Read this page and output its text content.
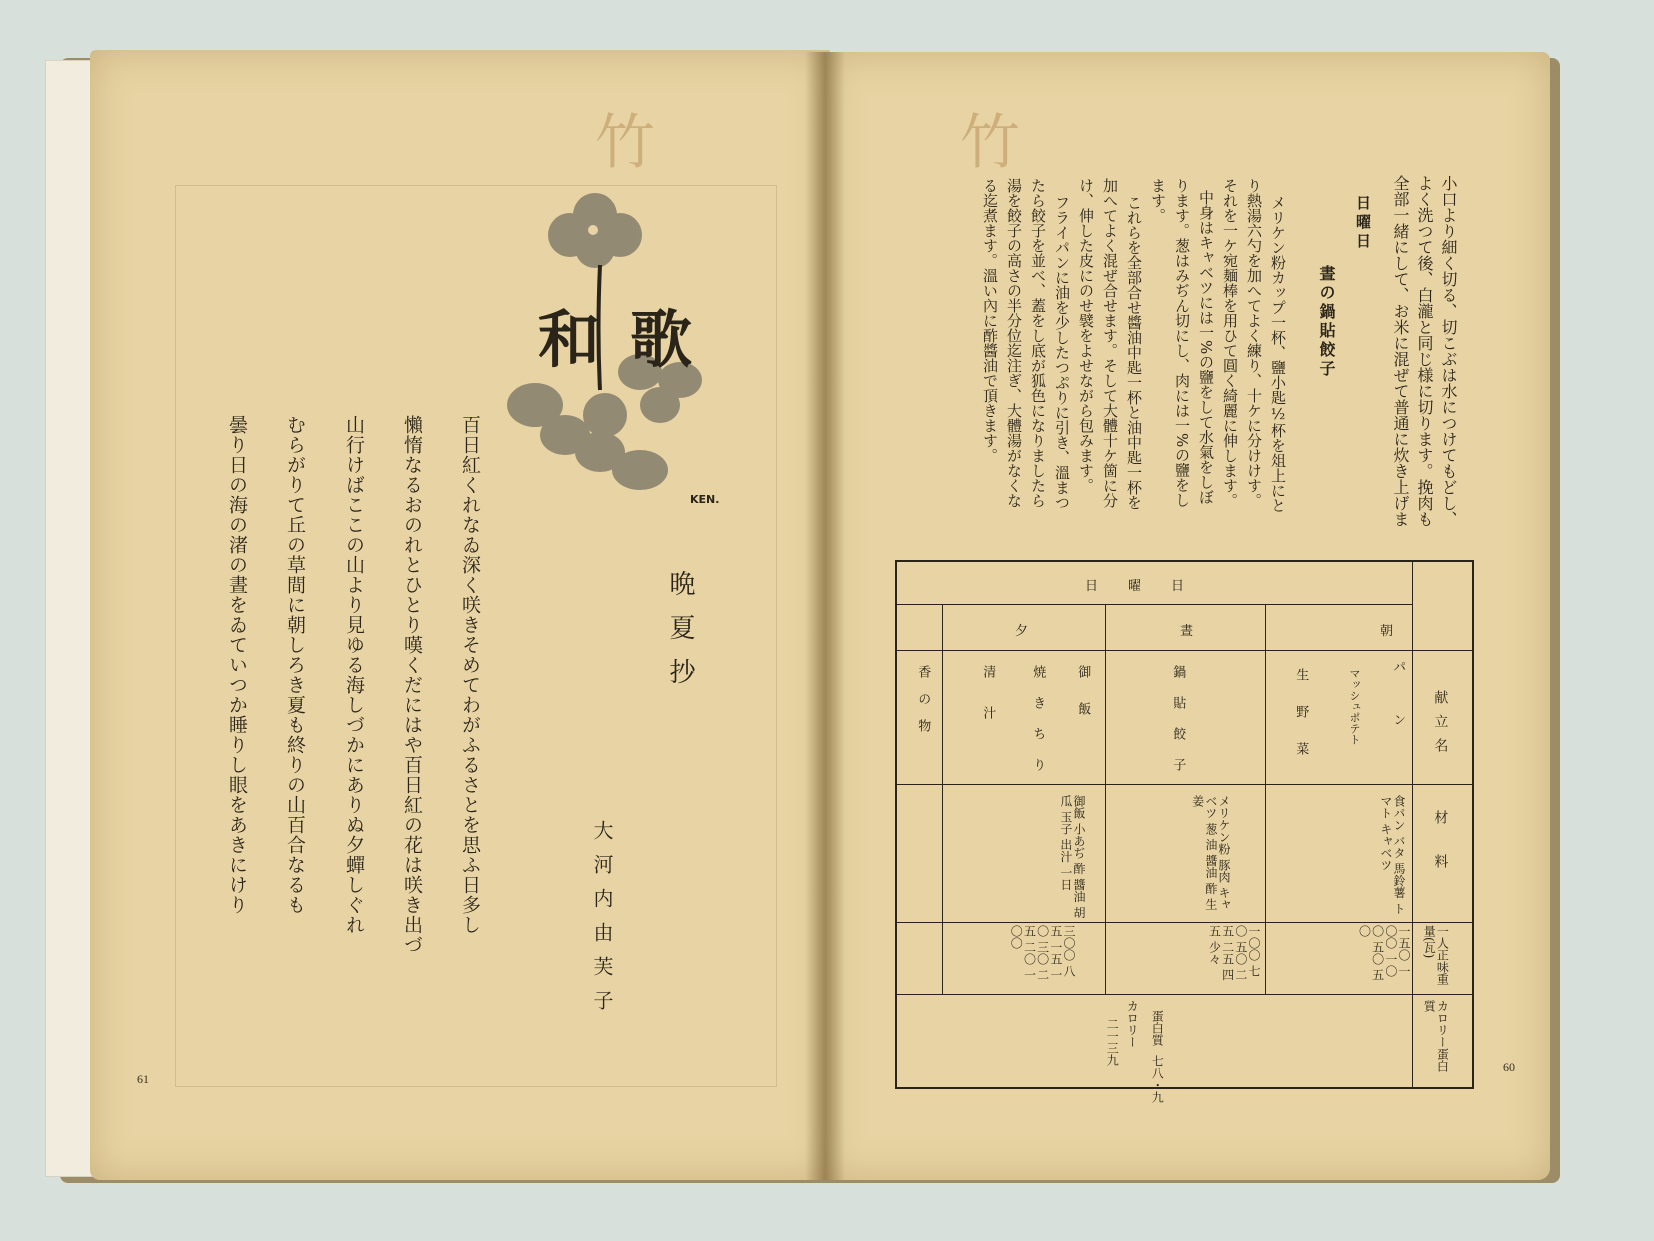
竹
和歌
KEN.
晩夏抄
大河内由芙子
百日紅くれなゐ深く咲きそめてわがふるさとを思ふ日多し
懶惰なるおのれとひとり嘆くだにはや百日紅の花は咲き出づ
山行けばここの山より見ゆる海しづかにありぬ夕蟬しぐれ
むらがりて丘の草間に朝しろき夏も終りの山百合なるも
曇り日の海の渚の晝をゐていつか睡りし眼をあきにけり
61
竹
小口より細く切る、切こぶは水につけてもどし、
よく洗つて後、白瀧と同じ様に切ります。挽肉も
全部一緒にして、お米に混ぜて普通に炊き上げま
日曜日
晝の鍋貼餃子
メリケン粉カップ一杯、鹽小匙½杯を俎上にと
り熱湯六勺を加へてよく練り、十ケに分けけす。
それを一ケ宛麺棒を用ひて圓く綺麗に伸します。
中身はキャベツには一%の鹽をして水氣をしぼ
ります。葱はみぢん切にし、肉には一%の鹽をし
ます。
これらを全部合せ醬油中匙一杯と油中匙一杯を
加へてよく混ぜ合せます。そして大體十ケ箇に分
け、伸した皮にのせ襞をよせながら包みます。
フライパンに油を少したつぷりに引き、溫まつ
たら餃子を並べ、蓋をし底が狐色になりましたら
湯を餃子の高さの半分位迄注ぎ、大體湯がなくな
る迄煮ます。溫い內に酢醬油で頂きます。
日曜日
朝
晝
夕
献立名
材料
一人正味重量(瓦)
カロリー蛋白質
パン
マッシュポテト
生野菜
鍋貼餃子
御飯
焼きちり
清汁
香の物
食パン バタ 馬鈴薯 トマト キャベツ
メリケン粉 豚肉 キャベツ 葱 油 醬油 酢 生姜
御飯 小あぢ 酢 醬油 胡瓜 玉子 出汁 一日
一五〇 一〇〇 一〇〇 五〇 五〇
一〇〇 七〇 五〇 二五 二五 四 五 少々
三〇〇 八五 一五 一〇 三〇 二五 二〇 一〇〇
蛋白質
七八・九
カロリー
二一三九
60
